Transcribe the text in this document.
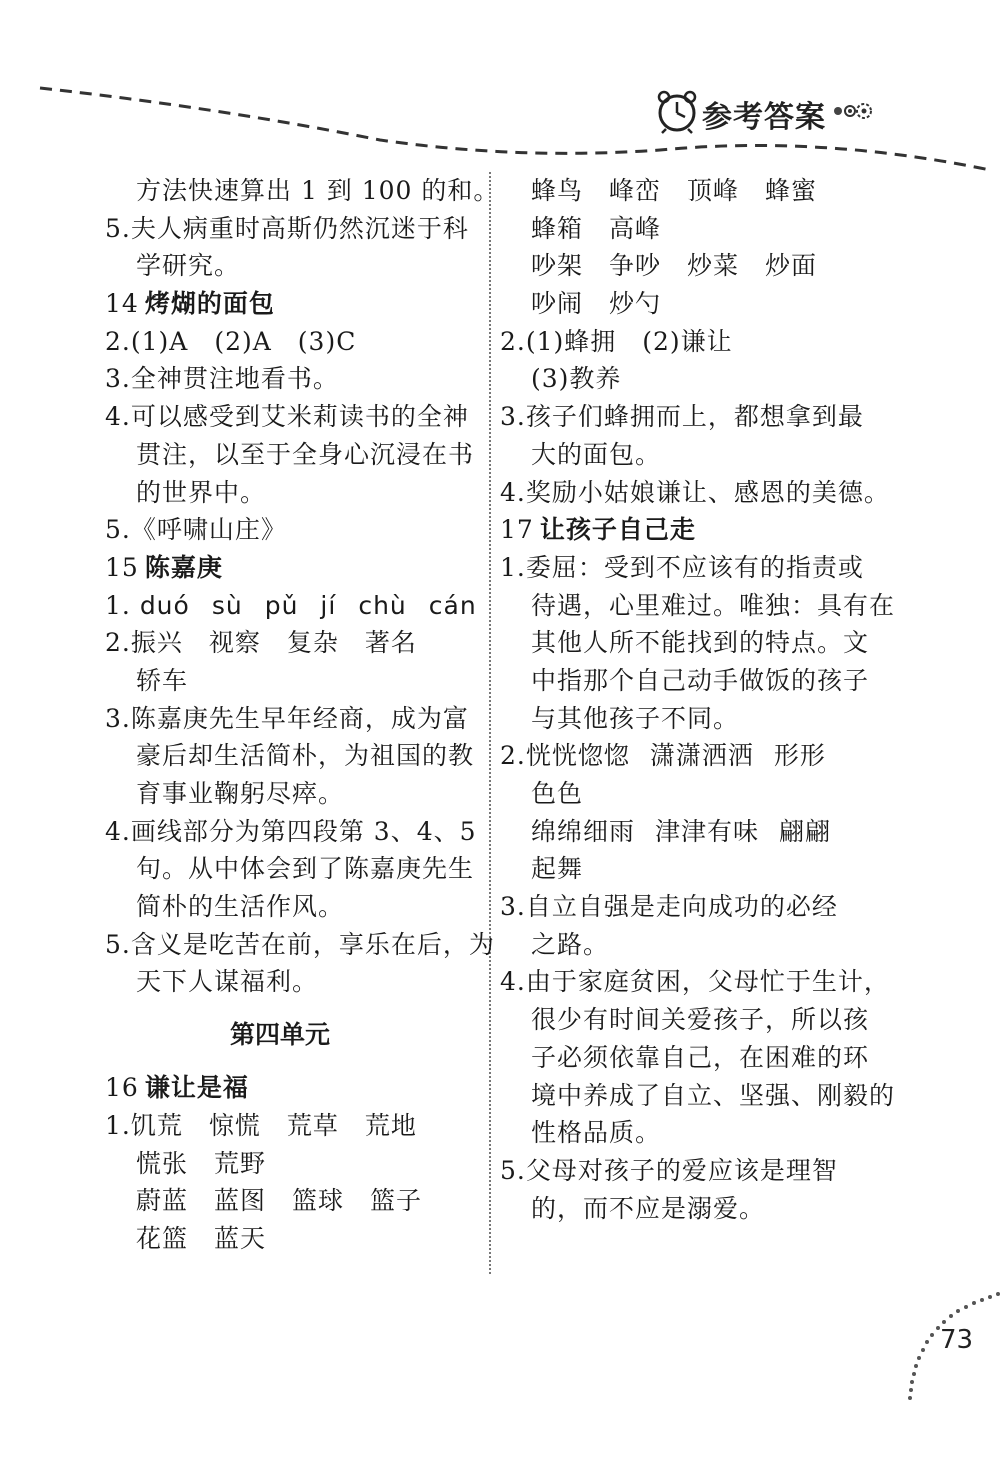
参考答案
方法快速算出 1 到 100 的和。
5.夫人病重时高斯仍然沉迷于科
学研究。
14 烤煳的面包
2.(1)A　(2)A　(3)C
3.全神贯注地看书。
4.可以感受到艾米莉读书的全神
贯注，以至于全身心沉浸在书
的世界中。
5.《呼啸山庄》
15 陈嘉庚
1. duó sù pǔ jí chù cán
2.振兴 视察 复杂 著名
轿车
3.陈嘉庚先生早年经商，成为富
豪后却生活简朴，为祖国的教
育事业鞠躬尽瘁。
4.画线部分为第四段第 3、4、5
句。从中体会到了陈嘉庚先生
简朴的生活作风。
5.含义是吃苦在前，享乐在后，为
天下人谋福利。
第四单元
16 谦让是福
1.饥荒 惊慌 荒草 荒地
慌张 荒野
蔚蓝 蓝图 篮球 篮子
花篮 蓝天
蜂鸟 峰峦 顶峰 蜂蜜
蜂箱 高峰
吵架 争吵 炒菜 炒面
吵闹 炒勺
2.(1)蜂拥　(2)谦让
(3)教养
3.孩子们蜂拥而上，都想拿到最
大的面包。
4.奖励小姑娘谦让、感恩的美德。
17 让孩子自己走
1.委屈：受到不应该有的指责或
待遇，心里难过。唯独：具有在
其他人所不能找到的特点。文
中指那个自己动手做饭的孩子
与其他孩子不同。
2.恍恍惚惚 潇潇洒洒 形形
色色
绵绵细雨 津津有味 翩翩
起舞
3.自立自强是走向成功的必经
之路。
4.由于家庭贫困，父母忙于生计，
很少有时间关爱孩子，所以孩
子必须依靠自己，在困难的环
境中养成了自立、坚强、刚毅的
性格品质。
5.父母对孩子的爱应该是理智
的，而不应是溺爱。
73
